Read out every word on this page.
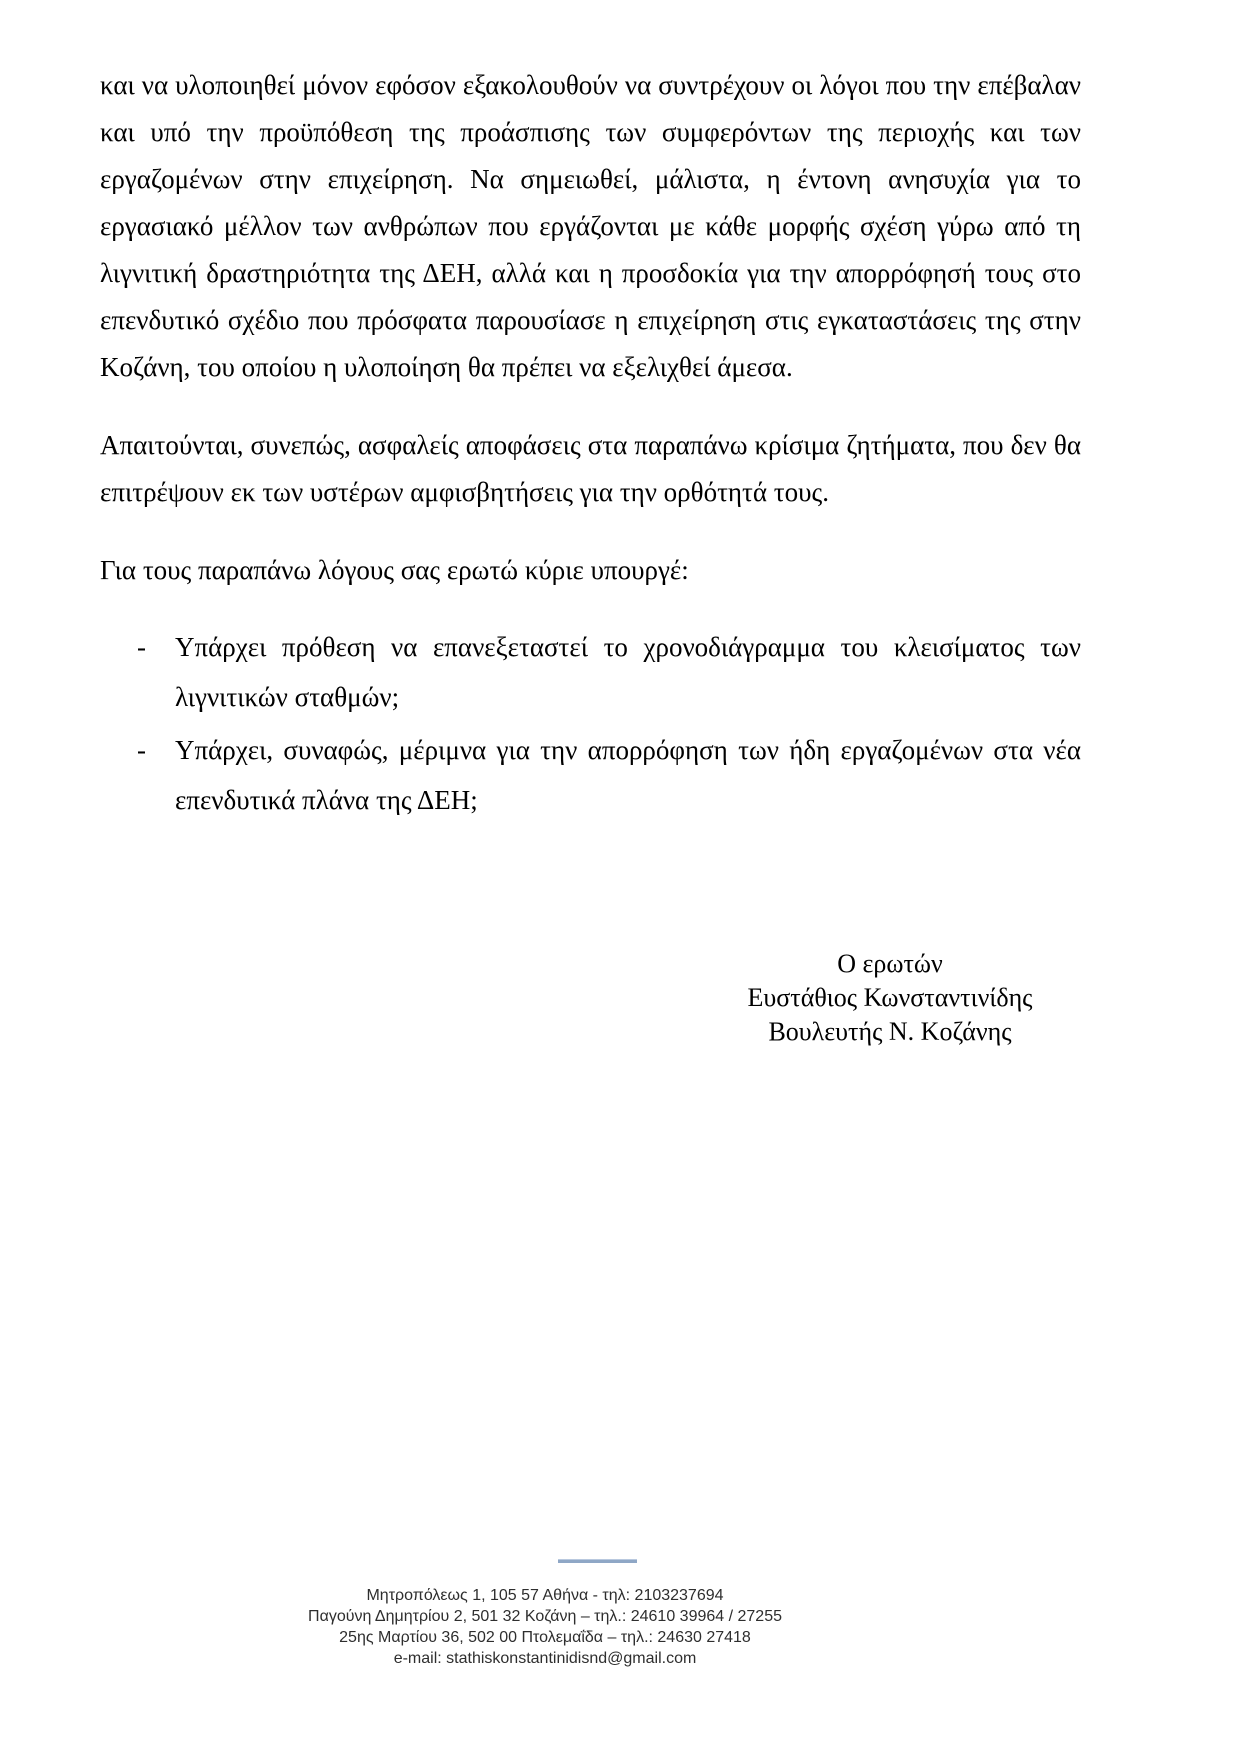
και να υλοποιηθεί μόνον εφόσον εξακολουθούν να συντρέχουν οι λόγοι που την επέβαλαν και υπό την προϋπόθεση της προάσπισης των συμφερόντων της περιοχής και των εργαζομένων στην επιχείρηση. Να σημειωθεί, μάλιστα, η έντονη ανησυχία για το εργασιακό μέλλον των ανθρώπων που εργάζονται με κάθε μορφής σχέση γύρω από τη λιγνιτική δραστηριότητα της ΔΕΗ, αλλά και η προσδοκία για την απορρόφησή τους στο επενδυτικό σχέδιο που πρόσφατα παρουσίασε η επιχείρηση στις εγκαταστάσεις της στην Κοζάνη, του οποίου η υλοποίηση θα πρέπει να εξελιχθεί άμεσα.

Απαιτούνται, συνεπώς, ασφαλείς αποφάσεις στα παραπάνω κρίσιμα ζητήματα, που δεν θα επιτρέψουν εκ των υστέρων αμφισβητήσεις για την ορθότητά τους.

Για τους παραπάνω λόγους σας ερωτώ κύριε υπουργέ:

- Υπάρχει πρόθεση να επανεξεταστεί το χρονοδιάγραμμα του κλεισίματος των λιγνιτικών σταθμών;
- Υπάρχει, συναφώς, μέριμνα για την απορρόφηση των ήδη εργαζομένων στα νέα επενδυτικά πλάνα της ΔΕΗ;
Ο ερωτών
Ευστάθιος Κωνσταντινίδης
Βουλευτής Ν. Κοζάνης
Μητροπόλεως 1, 105 57 Αθήνα - τηλ: 2103237694
Παγούνη Δημητρίου 2, 501 32 Κοζάνη – τηλ.: 24610 39964 / 27255
25ης Μαρτίου 36, 502 00 Πτολεμαΐδα – τηλ.: 24630 27418
e-mail: stathiskonstantinidisnd@gmail.com
